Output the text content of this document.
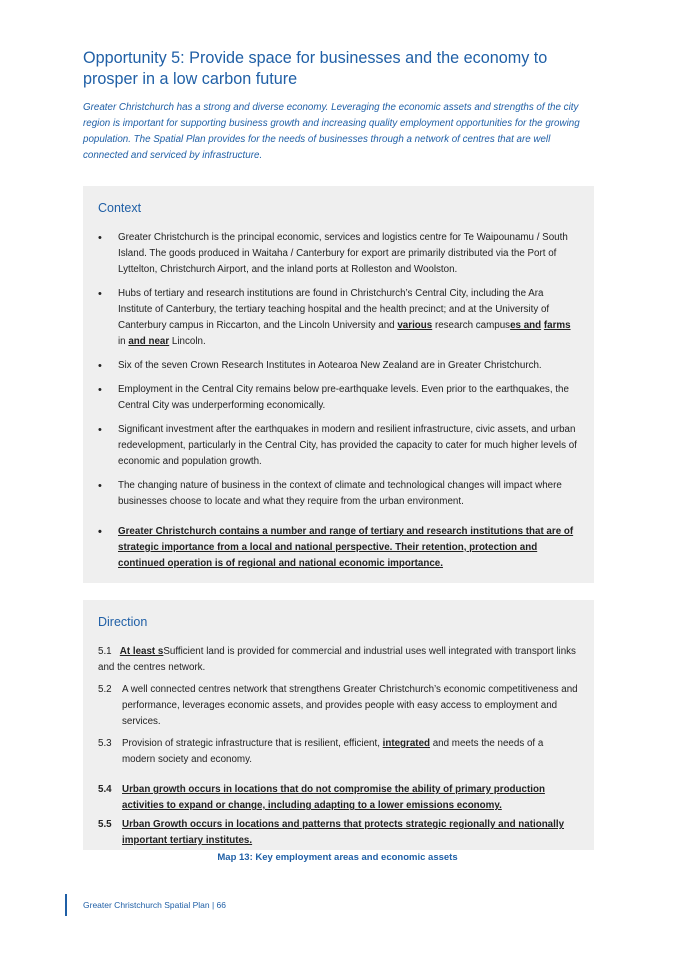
Opportunity 5: Provide space for businesses and the economy to prosper in a low carbon future

Greater Christchurch has a strong and diverse economy. Leveraging the economic assets and strengths of the city region is important for supporting business growth and increasing quality employment opportunities for the growing population. The Spatial Plan provides for the needs of businesses through a network of centres that are well connected and serviced by infrastructure.

Context
• Greater Christchurch is the principal economic, services and logistics centre for Te Waipounamu / South Island. The goods produced in Waitaha / Canterbury for export are primarily distributed via the Port of Lyttelton, Christchurch Airport, and the inland ports at Rolleston and Woolston.
• Hubs of tertiary and research institutions are found in Christchurch’s Central City, including the Ara Institute of Canterbury, the tertiary teaching hospital and the health precinct; and at the University of Canterbury campus in Riccarton, and the Lincoln University and various research campuses and farms in and near Lincoln.
• Six of the seven Crown Research Institutes in Aotearoa New Zealand are in Greater Christchurch.
• Employment in the Central City remains below pre-earthquake levels. Even prior to the earthquakes, the Central City was underperforming economically.
• Significant investment after the earthquakes in modern and resilient infrastructure, civic assets, and urban redevelopment, particularly in the Central City, has provided the capacity to cater for much higher levels of economic and population growth.
• The changing nature of business in the context of climate and technological changes will impact where businesses choose to locate and what they require from the urban environment.
• Greater Christchurch contains a number and range of tertiary and research institutions that are of strategic importance from a local and national perspective. Their retention, protection and continued operation is of regional and national economic importance.
Direction
5.1 At least sSufficient land is provided for commercial and industrial uses well integrated with transport links and the centres network.
5.2 A well connected centres network that strengthens Greater Christchurch’s economic competitiveness and performance, leverages economic assets, and provides people with easy access to employment and services.
5.3 Provision of strategic infrastructure that is resilient, efficient, integrated and meets the needs of a modern society and economy.
5.4 Urban growth occurs in locations that do not compromise the ability of primary production activities to expand or change, including adapting to a lower emissions economy.
5.5 Urban Growth occurs in locations and patterns that protects strategic regionally and nationally important tertiary institutes.

Map 13: Key employment areas and economic assets

Greater Christchurch Spatial Plan | 66
